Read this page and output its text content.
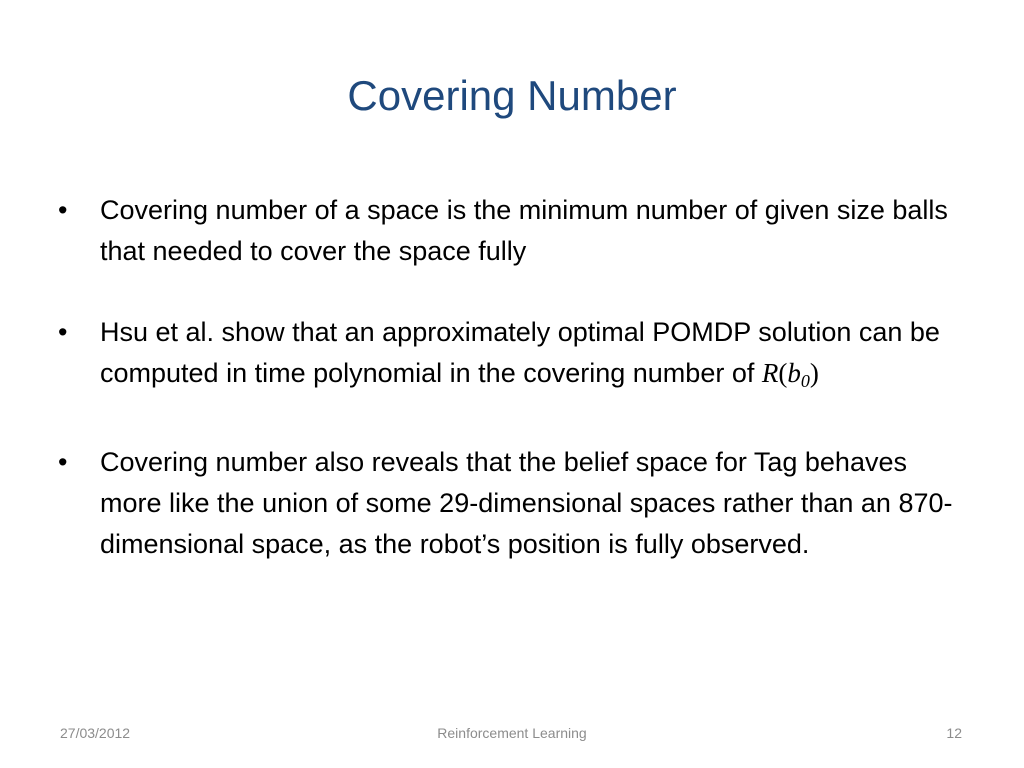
Covering Number
• Covering number of a space is the minimum number of given size balls that needed to cover the space fully
• Hsu et al. show that an approximately optimal POMDP solution can be computed in time polynomial in the covering number of R(b0)
• Covering number also reveals that the belief space for Tag behaves more like the union of some 29-dimensional spaces rather than an 870-dimensional space, as the robot’s position is fully observed.
27/03/2012	Reinforcement Learning	12
